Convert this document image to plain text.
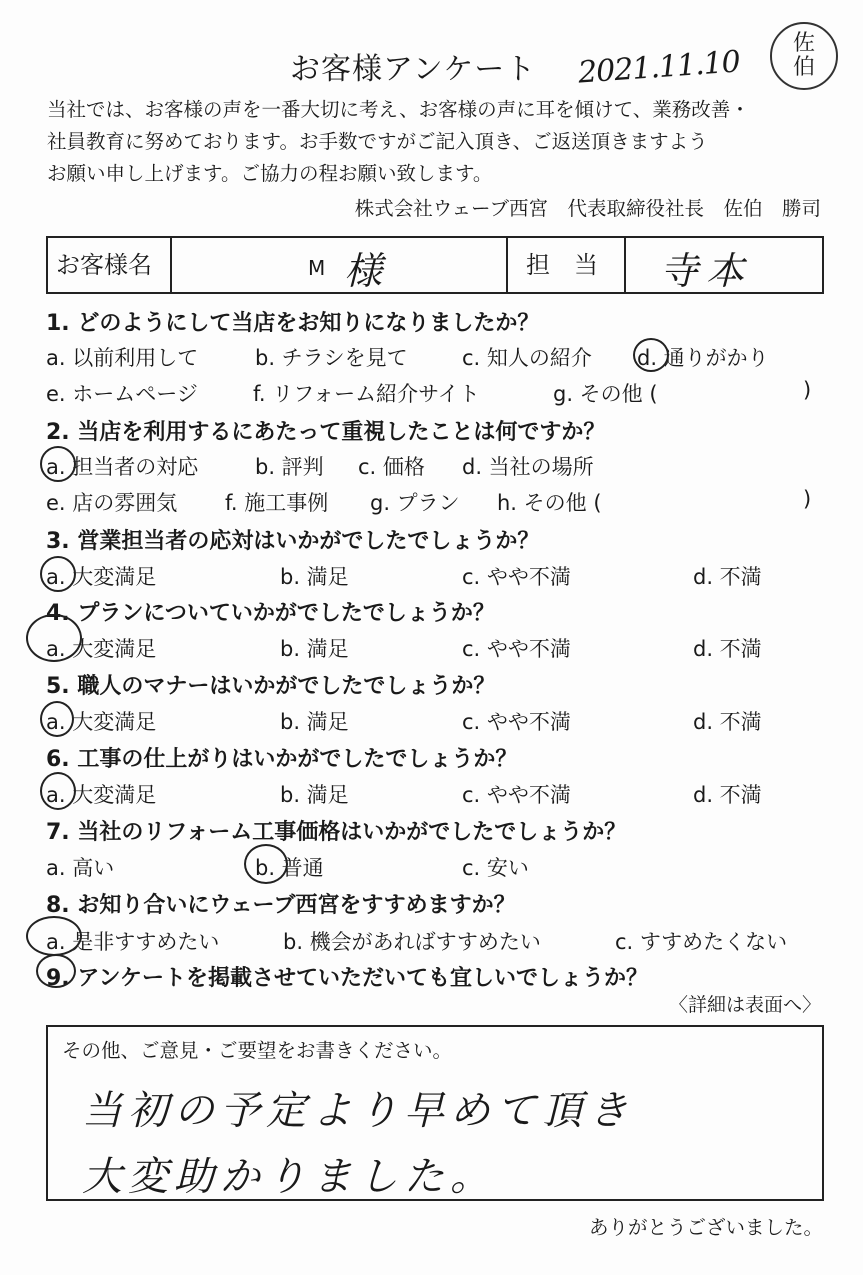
お客様アンケート 2021.11.10
佐
伯
当社では、お客様の声を一番大切に考え、お客様の声に耳を傾けて、業務改善・
社員教育に努めております。お手数ですがご記入頂き、ご返送頂きますよう
お願い申し上げます。ご協力の程お願い致します。
株式会社ウェーブ西宮　代表取締役社長　佐伯　勝司
お客様名	M 様	担　当	寺本
1. どのようにして当店をお知りになりましたか？
a. 以前利用して	b. チラシを見て	c. 知人の紹介 d. 通りがかり
e. ホームページ	f. リフォーム紹介サイト	g. その他 (	)
2. 当店を利用するにあたって重視したことは何ですか？
a. 担当者の対応	b. 評判 c. 価格 d. 当社の場所
e. 店の雰囲気 f. 施工事例 g. プラン h. その他 (	)
3. 営業担当者の応対はいかがでしたでしょうか？
a. 大変満足	b. 満足	c. やや不満	d. 不満
4. プランについていかがでしたでしょうか？
a. 大変満足	b. 満足	c. やや不満	d. 不満
5. 職人のマナーはいかがでしたでしょうか？
a. 大変満足	b. 満足	c. やや不満	d. 不満
6. 工事の仕上がりはいかがでしたでしょうか？
a. 大変満足	b. 満足	c. やや不満	d. 不満
7. 当社のリフォーム工事価格はいかがでしたでしょうか？
a. 高い	b. 普通	c. 安い
8. お知り合いにウェーブ西宮をすすめますか？
a. 是非すすめたい	b. 機会があればすすめたい	c. すすめたくない
9. アンケートを掲載させていただいても宜しいでしょうか？
〈詳細は表面へ〉
その他、ご意見・ご要望をお書きください。
当初の予定より早めて頂き
大変助かりました。
ありがとうございました。
